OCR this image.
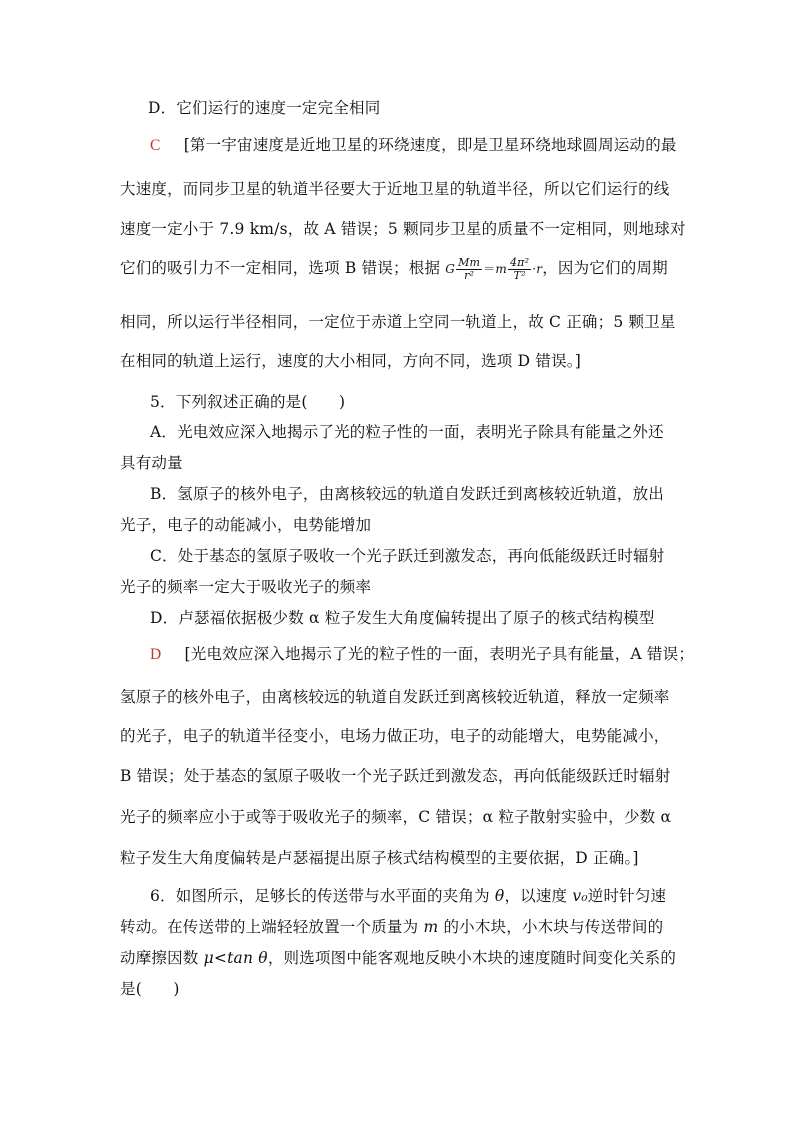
D．它们运行的速度一定完全相同
C [第一宇宙速度是近地卫星的环绕速度，即是卫星环绕地球圆周运动的最
大速度，而同步卫星的轨道半径要大于近地卫星的轨道半径，所以它们运行的线
速度一定小于 7.9 km/s，故 A 错误；5 颗同步卫星的质量不一定相同，则地球对
它们的吸引力不一定相同，选项 B 错误；根据 G $\frac{Mm}{\text{r²}} =m \frac{\text{4π²}}{\text{T²}} \cdot r$，因为它们的周期
相同，所以运行半径相同，一定位于赤道上空同一轨道上，故 C 正确；5 颗卫星
在相同的轨道上运行，速度的大小相同，方向不同，选项 D 错误。]
5．下列叙述正确的是(　　)
A．光电效应深入地揭示了光的粒子性的一面，表明光子除具有能量之外还
具有动量
B．氢原子的核外电子，由离核较远的轨道自发跃迁到离核较近轨道，放出
光子，电子的动能减小，电势能增加
C．处于基态的氢原子吸收一个光子跃迁到激发态，再向低能级跃迁时辐射
光子的频率一定大于吸收光子的频率
D．卢瑟福依据极少数 α 粒子发生大角度偏转提出了原子的核式结构模型
D [光电效应深入地揭示了光的粒子性的一面，表明光子具有能量，A 错误；
氢原子的核外电子，由离核较远的轨道自发跃迁到离核较近轨道，释放一定频率
的光子，电子的轨道半径变小，电场力做正功，电子的动能增大，电势能减小，
B 错误；处于基态的氢原子吸收一个光子跃迁到激发态，再向低能级跃迁时辐射
光子的频率应小于或等于吸收光子的频率，C 错误；α 粒子散射实验中，少数 α
粒子发生大角度偏转是卢瑟福提出原子核式结构模型的主要依据，D 正确。]
6．如图所示，足够长的传送带与水平面的夹角为 θ，以速度 v₀逆时针匀速
转动。在传送带的上端轻轻放置一个质量为 m 的小木块，小木块与传送带间的
动摩擦因数 μ<tan θ，则选项图中能客观地反映小木块的速度随时间变化关系的
是(　　)
